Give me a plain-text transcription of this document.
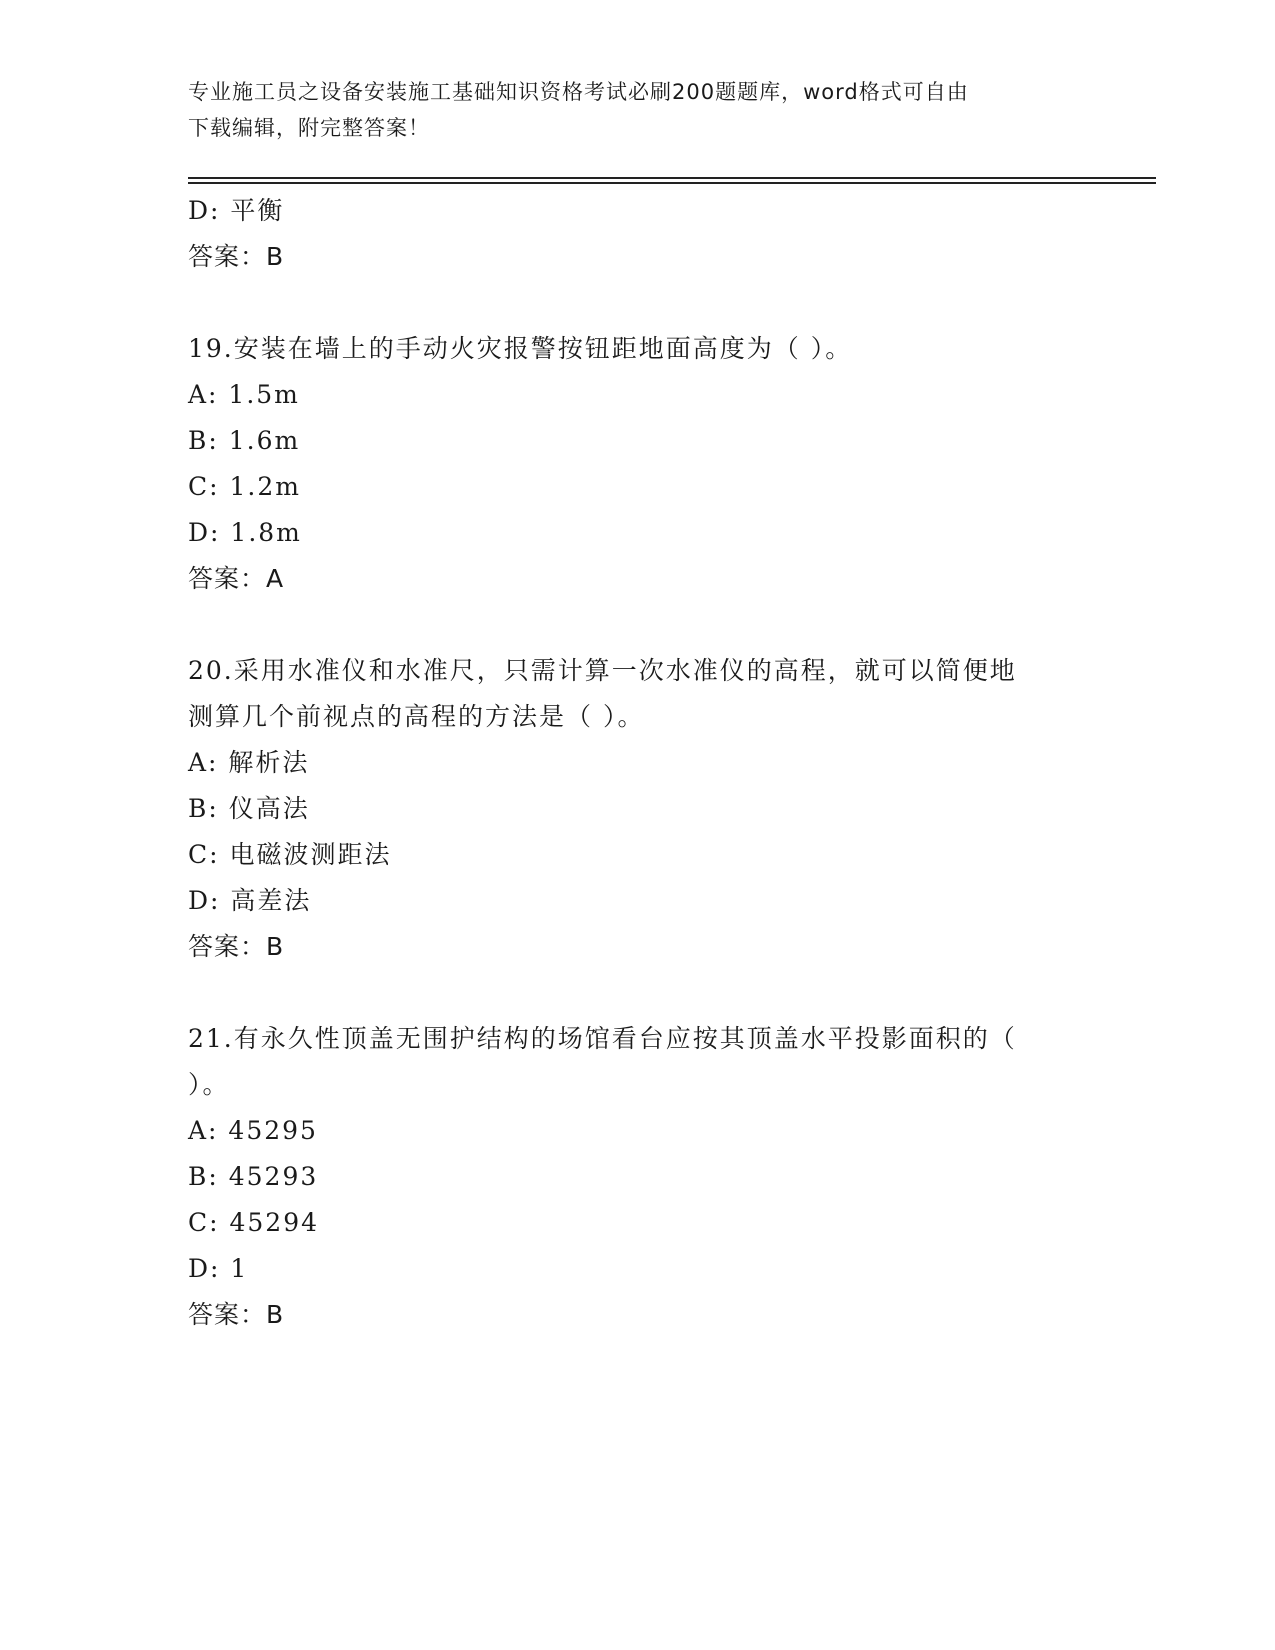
专业施工员之设备安装施工基础知识资格考试必刷200题题库，word格式可自由
下载编辑，附完整答案！
D: 平衡
答案：B
19.安装在墙上的手动火灾报警按钮距地面高度为（ ）。
A: 1.5m
B: 1.6m
C: 1.2m
D: 1.8m
答案：A
20.采用水准仪和水准尺，只需计算一次水准仪的高程，就可以简便地
测算几个前视点的高程的方法是（ ）。
A: 解析法
B: 仪高法
C: 电磁波测距法
D: 高差法
答案：B
21.有永久性顶盖无围护结构的场馆看台应按其顶盖水平投影面积的（
）。
A: 45295
B: 45293
C: 45294
D: 1
答案：B
